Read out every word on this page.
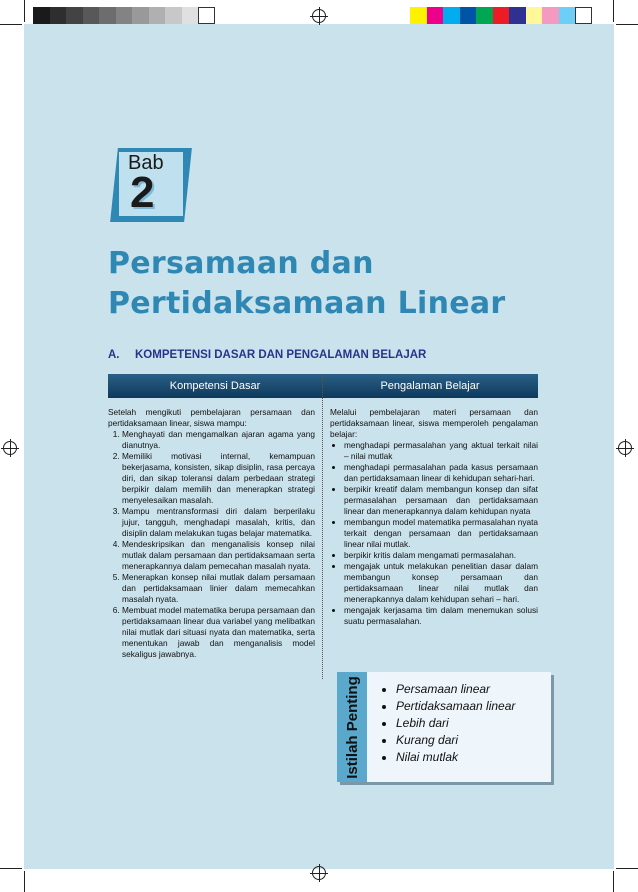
Bab
2
Persamaan dan
Pertidaksamaan Linear
A. KOMPETENSI DASAR DAN PENGALAMAN BELAJAR
Kompetensi Dasar	Pengalaman Belajar
Setelah mengikuti pembelajaran persamaan dan pertidaksamaan linear, siswa mampu:
1. Menghayati dan mengamalkan ajaran agama yang dianutnya.
2. Memiliki motivasi internal, kemampuan bekerjasama, konsisten, sikap disiplin, rasa percaya diri, dan sikap toleransi dalam perbedaan strategi berpikir dalam memilih dan menerapkan strategi menyelesaikan masalah.
3. Mampu mentransformasi diri dalam berperilaku jujur, tangguh, menghadapi masalah, kritis, dan disiplin dalam melakukan tugas belajar matematika.
4. Mendeskripsikan dan menganalisis konsep nilai mutlak dalam persamaan dan pertidaksamaan serta menerapkannya dalam pemecahan masalah nyata.
5. Menerapkan konsep nilai mutlak dalam persamaan dan pertidaksamaan linier dalam memecahkan masalah nyata.
6. Membuat model matematika berupa persamaan dan pertidaksamaan linear dua variabel yang melibatkan nilai mutlak dari situasi nyata dan matematika, serta menentukan jawab dan menganalisis model sekaligus jawabnya.
Melalui pembelajaran materi persamaan dan pertidaksamaan linear, siswa memperoleh pengalaman belajar:
• menghadapi permasalahan yang aktual terkait nilai – nilai mutlak
• menghadapi permasalahan pada kasus persamaan dan pertidaksamaan linear di kehidupan sehari-hari.
• berpikir kreatif dalam membangun konsep dan sifat permasalahan persamaan dan pertidaksamaan linear dan menerapkannya dalam kehidupan nyata
• membangun model matematika permasalahan nyata terkait dengan persamaan dan pertidaksamaan linear nilai mutlak.
• berpikir kritis dalam mengamati permasalahan.
• mengajak untuk melakukan penelitian dasar dalam membangun konsep persamaan dan pertidaksamaan linear nilai mutlak dan menerapkannya dalam kehidupan sehari – hari.
• mengajak kerjasama tim dalam menemukan solusi suatu permasalahan.
Istilah Penting
•	Persamaan linear
• Pertidaksamaan linear
• Lebih dari
• Kurang dari
• Nilai mutlak
